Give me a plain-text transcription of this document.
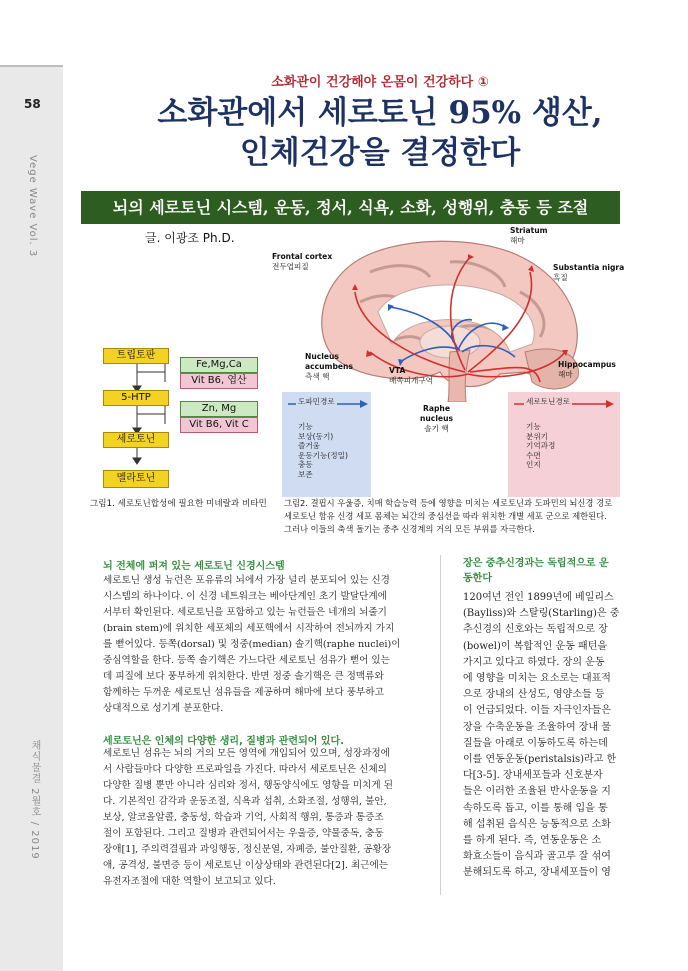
58
Vege Wave Vol. 3
채식물결 2월호 / 2019
소화관이 건강해야 온몸이 건강하다 ①
소화관에서 세로토닌 95% 생산,
인체건강을 결정한다
뇌의 세로토닌 시스템, 운동, 정서, 식욕, 소화, 성행위, 충동 등 조절
글. 이광조 Ph.D.
트립토판
5-HTP
세로토닌
멜라토닌
Fe,Mg,Ca
Vit B6, 엽산
Zn, Mg
Vit B6, Vit C
그림1. 세로토닌합성에 필요한 미네랄과 비타민
Frontal cortex
전두엽피질
Striatum
해마
Substantia nigra
흑질
Nucleus
accumbens
측색 핵
VTA
배쪽피개구역
Raphe
nucleus
솔기 핵
Hippocampus
해마
도파민경로
기능
보상(동기)
즐거움
운동기능(정밀)
충동
보존
세로토닌경로
기능
분위기
기억과정
수면
인지
그림2. 결핍시 우울증, 치매 학습능력 등에 영향을 미치는 세로토닌과 도파민의 뇌신경 경로
세로토닌 함유 신경 세포 몸체는 뇌간의 중심선을 따라 위치한 개별 세포 군으로 제한된다.
그러나 이들의 축색 돌기는 중추 신경계의 거의 모든 부위를 자극한다.
뇌 전체에 퍼져 있는 세로토닌 신경시스템

세로토닌 생성 뉴런은 포유류의 뇌에서 가장 널리 분포되어 있는 신경

시스템의 하나이다. 이 신경 네트워크는 베아단계인 초기 발달단계에

서부터 확인된다. 세로토닌을 포함하고 있는 뉴런들은 네개의 뇌줄기

(brain stem)에 위치한 세포체의 세포핵에서 시작하여 전뇌까지 가지

를 뻗어있다. 등쪽(dorsal) 및 정중(median) 솔기핵(raphe nuclei)이

중심역할을 한다. 등쪽 솔기핵은 가느다란 세로토닌 섬유가 뻗어 있는

데 피질에 보다 풍부하게 위치한다. 반면 정중 솔기핵은 큰 정맥류와

함께하는 두꺼운 세로토닌 섬유들을 제공하며 해마에 보다 풍부하고

상대적으로 성기게 분포한다.

세로토닌은 인체의 다양한 생리, 질병과 관련되어 있다.

세로토닌 섬유는 뇌의 거의 모든 영역에 개입되어 있으며, 성장과정에

서 사람들마다 다양한 프로파일을 가진다. 따라서 세로토닌은 신체의

다양한 질병 뿐만 아니라 심리와 정서, 행동양식에도 영향을 미치게 된

다. 기본적인 감각과 운동조절, 식욕과 섭취, 소화조절, 성행위, 불안,

보상, 알코올알콜, 충동성, 학습과 기억, 사회적 행위, 통증과 통증조

절이 포함된다. 그리고 질병과 관련되어서는 우울증, 약물중독, 충동

장애[1], 주의력결핍과 과잉행동, 정신분열, 자폐증, 불안질환, 공황장

애, 공격성, 불면증 등이 세로토닌 이상상태와 관련된다[2]. 최근에는

유전자조절에 대한 역할이 보고되고 있다.

장은 중추신경과는 독립적으로 운
동한다
120여년 전인 1899년에 베일리스
(Bayliss)와 스탈링(Starling)은 중
추신경의 신호와는 독립적으로 장
(bowel)이 복합적인 운동 패턴을
가지고 있다고 하였다. 장의 운동
에 영향을 미치는 요소로는 대표적
으로 장내의 산성도, 영양소들 등
이 언급되었다. 이들 자극인자들은
장을 수축운동을 조율하여 장내 물
질들을 아래로 이동하도록 하는데
이를 연동운동(peristalsis)라고 한
다[3-5]. 장내세포들과 신호분자
들은 이러한 조율된 반사운동을 지
속하도록 돕고, 이를 통해 입을 통
해 섭취된 음식은 능동적으로 소화
를 하게 된다. 즉, 연동운동은 소
화효소들이 음식과 골고루 잘 섞여
분해되도록 하고, 장내세포들이 영
